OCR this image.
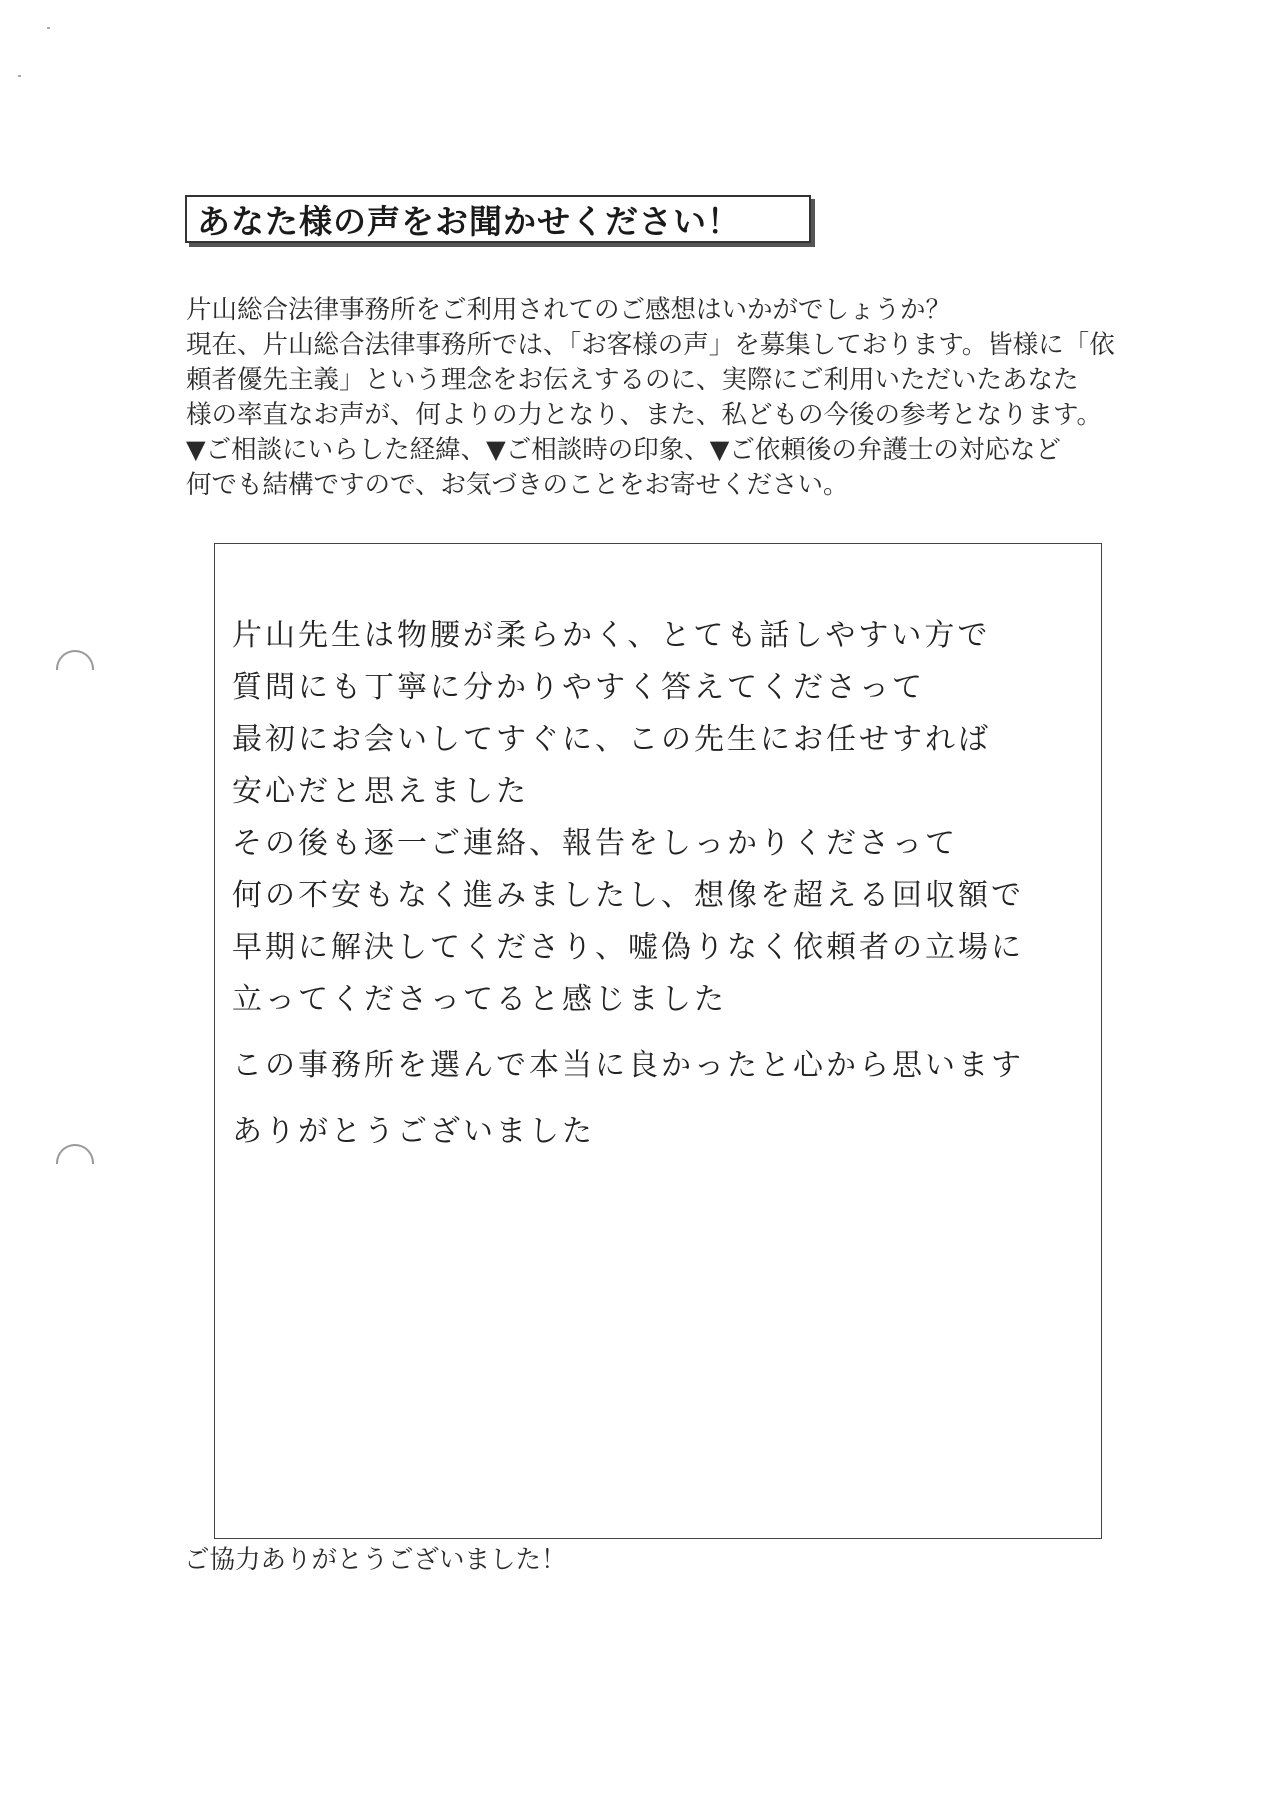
あなた様の声をお聞かせください！
片山総合法律事務所をご利用されてのご感想はいかがでしょうか？
現在、片山総合法律事務所では、「お客様の声」を募集しております。皆様に「依
頼者優先主義」という理念をお伝えするのに、実際にご利用いただいたあなた
様の率直なお声が、何よりの力となり、また、私どもの今後の参考となります。
▼ご相談にいらした経緯、▼ご相談時の印象、▼ご依頼後の弁護士の対応など
何でも結構ですので、お気づきのことをお寄せください。
片山先生は物腰が柔らかく、とても話しやすい方で
質問にも丁寧に分かりやすく答えてくださって
最初にお会いしてすぐに、この先生にお任せすれば
安心だと思えました
その後も逐一ご連絡、報告をしっかりくださって
何の不安もなく進みましたし、想像を超える回収額で
早期に解決してくださり、嘘偽りなく依頼者の立場に
立ってくださってると感じました
この事務所を選んで本当に良かったと心から思います
ありがとうございました
ご協力ありがとうございました！
